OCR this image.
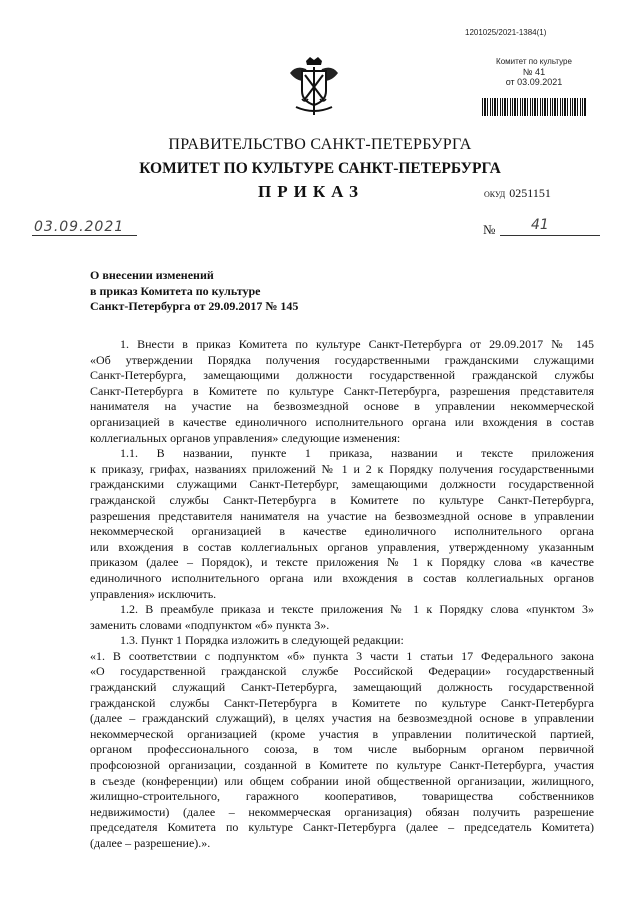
1201025/2021-1384(1)
Комитет по культуре
№ 41
от 03.09.2021
ПРАВИТЕЛЬСТВО САНКТ-ПЕТЕРБУРГА
КОМИТЕТ ПО КУЛЬТУРЕ САНКТ-ПЕТЕРБУРГА
ПРИКАЗ	ОКУД 0251151
03.09.2021	№	41
О внесении изменений
в приказ Комитета по культуре
Санкт-Петербурга от 29.09.2017 № 145
1. Внести в приказ Комитета по культуре Санкт-Петербурга от 29.09.2017 № 145
«Об утверждении Порядка получения государственными гражданскими служащими
Санкт-Петербурга, замещающими должности государственной гражданской службы
Санкт-Петербурга в Комитете по культуре Санкт-Петербурга, разрешения представителя
нанимателя на участие на безвозмездной основе в управлении некоммерческой
организацией в качестве единоличного исполнительного органа или вхождения в состав
коллегиальных органов управления» следующие изменения:
1.1. В названии, пункте 1 приказа, названии и тексте приложения
к приказу, грифах, названиях приложений № 1 и 2 к Порядку получения государственными
гражданскими служащими Санкт-Петербург, замещающими должности государственной
гражданской службы Санкт-Петербурга в Комитете по культуре Санкт-Петербурга,
разрешения представителя нанимателя на участие на безвозмездной основе в управлении
некоммерческой организацией в качестве единоличного исполнительного органа
или вхождения в состав коллегиальных органов управления, утвержденному указанным
приказом (далее – Порядок), и тексте приложения № 1 к Порядку слова «в качестве
единоличного исполнительного органа или вхождения в состав коллегиальных органов
управления» исключить.
1.2. В преамбуле приказа и тексте приложения № 1 к Порядку слова «пунктом 3»
заменить словами «подпунктом «б» пункта 3».
1.3. Пункт 1 Порядка изложить в следующей редакции:
«1. В соответствии с подпунктом «б» пункта 3 части 1 статьи 17 Федерального закона
«О государственной гражданской службе Российской Федерации» государственный
гражданский служащий Санкт-Петербурга, замещающий должность государственной
гражданской службы Санкт-Петербурга в Комитете по культуре Санкт-Петербурга
(далее – гражданский служащий), в целях участия на безвозмездной основе в управлении
некоммерческой организацией (кроме участия в управлении политической партией,
органом профессионального союза, в том числе выборным органом первичной
профсоюзной организации, созданной в Комитете по культуре Санкт-Петербурга, участия
в съезде (конференции) или общем собрании иной общественной организации, жилищного,
жилищно-строительного, гаражного кооперативов, товарищества собственников
недвижимости) (далее – некоммерческая организация) обязан получить разрешение
председателя Комитета по культуре Санкт-Петербурга (далее – председатель Комитета)
(далее – разрешение).».
